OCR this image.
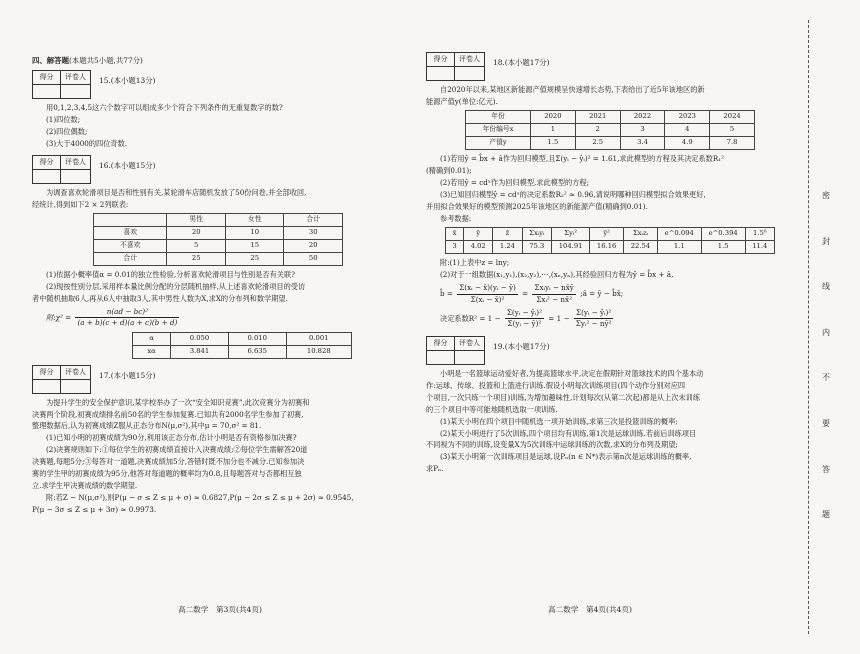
四、解答题(本题共5小题,共77分)
得分	评卷人
	15.(本小题13分)

用0,1,2,3,4,5这六个数字可以组成多少个符合下列条件的无重复数字的数?

(1)四位数;
(2)四位偶数;
(3)大于4000的四位奇数.
得分	评卷人
	16.(本小题15分)

为调查喜欢轮滑项目是否和性别有关,某轮滑车店随机发放了50份问卷,并全部收回,

经统计,得到如下2 × 2列联表:

	男性	女性	合计
喜欢	20	10	30
不喜欢	5	15	20
合计	25	25	50

(1)依据小概率值α = 0.01的独立性检验,分析喜欢轮滑项目与性别是否有关联?

(2)现按性别分层,采用样本量比例分配的分层随机抽样,从上述喜欢轮滑项目的受访

者中随机抽取6人,再从6人中抽取3人,其中男性人数为X,求X的分布列和数学期望.

附:χ² = $\frac{\text{n(ad − bc)²}}{(a + b)(c + d)(a + c)(b + d)}$
α	0.050	0.010	0.001
xα	3.841	6.635	10.828
得分	评卷人
	17.(本小题15分)

为提升学生的安全保护意识,某学校举办了一次“安全知识竞赛”,此次竞赛分为初赛和

决赛两个阶段,初赛成绩排名前50名的学生参加复赛.已知共有2000名学生参加了初赛,

整理数据后,认为初赛成绩Z服从正态分布N(μ,σ²),其中μ = 70,σ² = 81.

(1)已知小明的初赛成绩为90分,利用该正态分布,估计小明是否有资格参加决赛?

(2)决赛规则如下:①每位学生的初赛成绩直接计入决赛成绩;②每位学生需解答20道

决赛题,每题5分;③每答对一道题,决赛成绩加5分,答错时既不加分也不减分.已知参加决

赛的学生甲的初赛成绩为95分,他答对每道题的概率均为0.8,且每题答对与否都相互独

立.求学生甲决赛成绩的数学期望.

附:若Z ~ N(μ,σ²),则P(μ − σ ≤ Z ≤ μ + σ) ≈ 0.6827,P(μ − 2σ ≤ Z ≤ μ + 2σ) ≈ 0.9545,

P(μ − 3σ ≤ Z ≤ μ + 3σ) ≈ 0.9973.

得分	评卷人
	18.(本小题17分)

自2020年以来,某地区新能源产值规模呈快速增长态势,下表给出了近5年该地区的新

能源产值y(单位:亿元).

年份	2020	2021	2022	2023	2024
年份编号x	1	2	3	4	5
产值y	1.5	2.5	3.4	4.9	7.8

(1)若用ŷ = b̂x + â作为回归模型,且Σ(yᵢ − ŷᵢ)² = 1.61,求此模型的方程及其决定系数R₁²

(精确到0.01);

(2)若用ŷ = cdˣ作为回归模型,求此模型的方程;

(3)已知回归模型ŷ = cdˣ的决定系数R₂² ≈ 0.96,请说明哪种回归模型拟合效果更好,

并用拟合效果好的模型预测2025年该地区的新能源产值(精确到0.01).

参考数据:

x̄	ȳ	z̄	Σxᵢyᵢ	Σyᵢ²	ȳ²	Σxᵢzᵢ	e^0.094	e^0.394	1.5⁶
3	4.02	1.24	75.3	104.91	16.16	22.54	1.1	1.5	11.4

附:(1)上表中z = lny;

(2)对于一组数据(x₁,y₁),(x₂,y₂),⋯,(xₙ,yₙ),其经验回归方程为ŷ = b̂x + â,

b̂ = $\frac{\text{Σ(xᵢ − x̄)(yᵢ − ȳ)}}{\text{Σ(xᵢ − x̄)²}} = \frac{\text{Σxᵢyᵢ − nx̄ȳ}}{\text{Σxᵢ² − nx̄²}}$ ;â = ȳ − b̂x̄;
决定系数$R^2 = 1 - \frac{\text{Σ(yᵢ − ŷᵢ)²}}{\text{Σ(yᵢ − ȳ)²}} = 1 - \frac{\text{Σ(yᵢ − ŷᵢ)²}}{\text{Σyᵢ² − nȳ²}}$
得分	评卷人
	19.(本小题17分)

小明是一名篮球运动爱好者,为提高篮球水平,决定在假期针对篮球技术的四个基本动

作:运球、传球、投篮和上篮进行训练.假设小明每次训练项目(四个动作分别对应四

个项目,一次只练一个项目)训练,为增加趣味性,计划每次(从第二次起)都是从上次未训练

的三个项目中等可能地随机选取一项训练.

(1)某天小明在四个项目中随机选一项开始训练,求第三次是投篮训练的概率;

(2)某天小明进行了5次训练,四个项目均有训练,第1次是运球训练.若前后训练项目

不同视为不同的训练,设变量X为5次训练中运球训练的次数,求X的分布列及期望;

(3)某天小明第一次训练项目是运球,设Pₙ(n ∈ N*)表示第n次是运球训练的概率,

求Pₙ.

高二数学　第3页(共4页)	高二数学　第4页(共4页)
密
封
线
内
不
要
答
题
